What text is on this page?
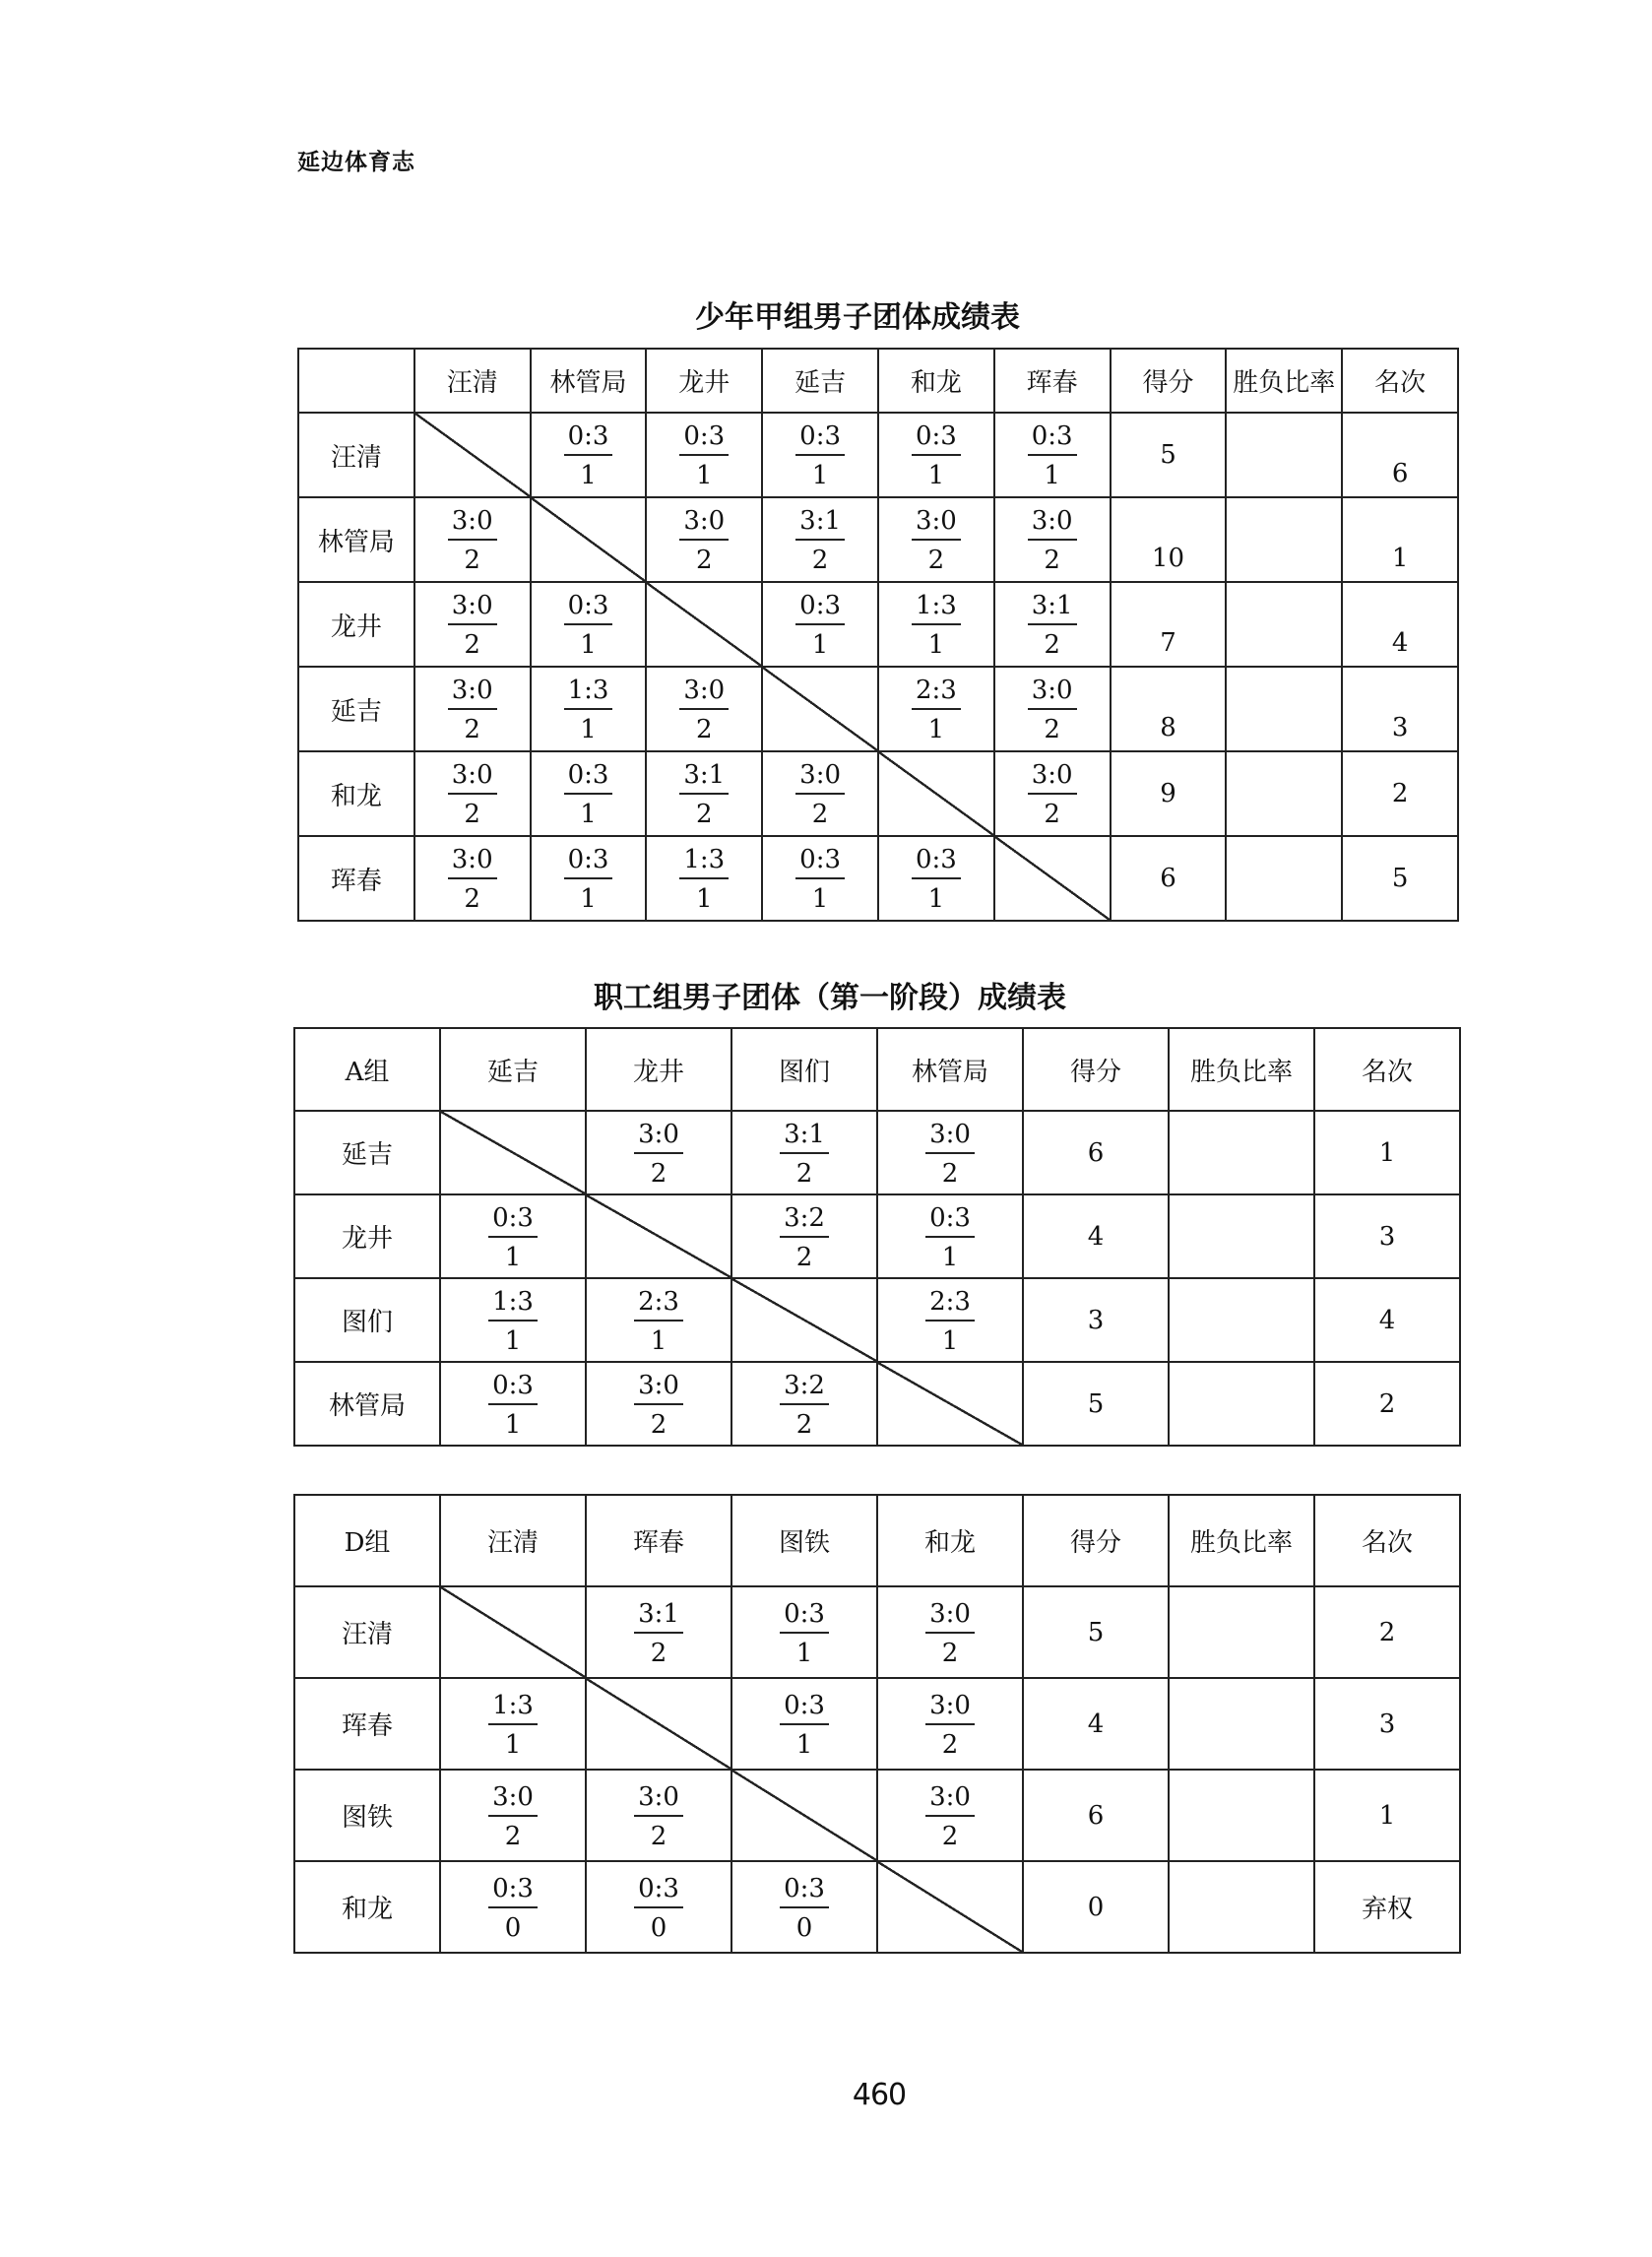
延边体育志
少年甲组男子团体成绩表
	汪清	林管局	龙井	延吉	和龙	珲春	得分	胜负比率	名次
汪清		$\frac{0:3}{1}$	$\frac{0:3}{1}$	$\frac{0:3}{1}$	$\frac{0:3}{1}$	$\frac{0:3}{1}$	5		6
林管局	$\frac{3:0}{2}$		$\frac{3:0}{2}$	$\frac{3:1}{2}$	$\frac{3:0}{2}$	$\frac{3:0}{2}$	10		1
龙井	$\frac{3:0}{2}$	$\frac{0:3}{1}$		$\frac{0:3}{1}$	$\frac{1:3}{1}$	$\frac{3:1}{2}$	7		4
延吉	$\frac{3:0}{2}$	$\frac{1:3}{1}$	$\frac{3:0}{2}$		$\frac{2:3}{1}$	$\frac{3:0}{2}$	8		3
和龙	$\frac{3:0}{2}$	$\frac{0:3}{1}$	$\frac{3:1}{2}$	$\frac{3:0}{2}$		$\frac{3:0}{2}$	9		2
珲春	$\frac{3:0}{2}$	$\frac{0:3}{1}$	$\frac{1:3}{1}$	$\frac{0:3}{1}$	$\frac{0:3}{1}$		6		5
职工组男子团体（第一阶段）成绩表
A组	延吉	龙井	图们	林管局	得分	胜负比率	名次
延吉		$\frac{3:0}{2}$	$\frac{3:1}{2}$	$\frac{3:0}{2}$	6		1
龙井	$\frac{0:3}{1}$		$\frac{3:2}{2}$	$\frac{0:3}{1}$	4		3
图们	$\frac{1:3}{1}$	$\frac{2:3}{1}$		$\frac{2:3}{1}$	3		4
林管局	$\frac{0:3}{1}$	$\frac{3:0}{2}$	$\frac{3:2}{2}$		5		2
D组	汪清	珲春	图铁	和龙	得分	胜负比率	名次
汪清		$\frac{3:1}{2}$	$\frac{0:3}{1}$	$\frac{3:0}{2}$	5		2
珲春	$\frac{1:3}{1}$		$\frac{0:3}{1}$	$\frac{3:0}{2}$	4		3
图铁	$\frac{3:0}{2}$	$\frac{3:0}{2}$		$\frac{3:0}{2}$	6		1
和龙	$\frac{0:3}{0}$	$\frac{0:3}{0}$	$\frac{0:3}{0}$		0		弃权
460
